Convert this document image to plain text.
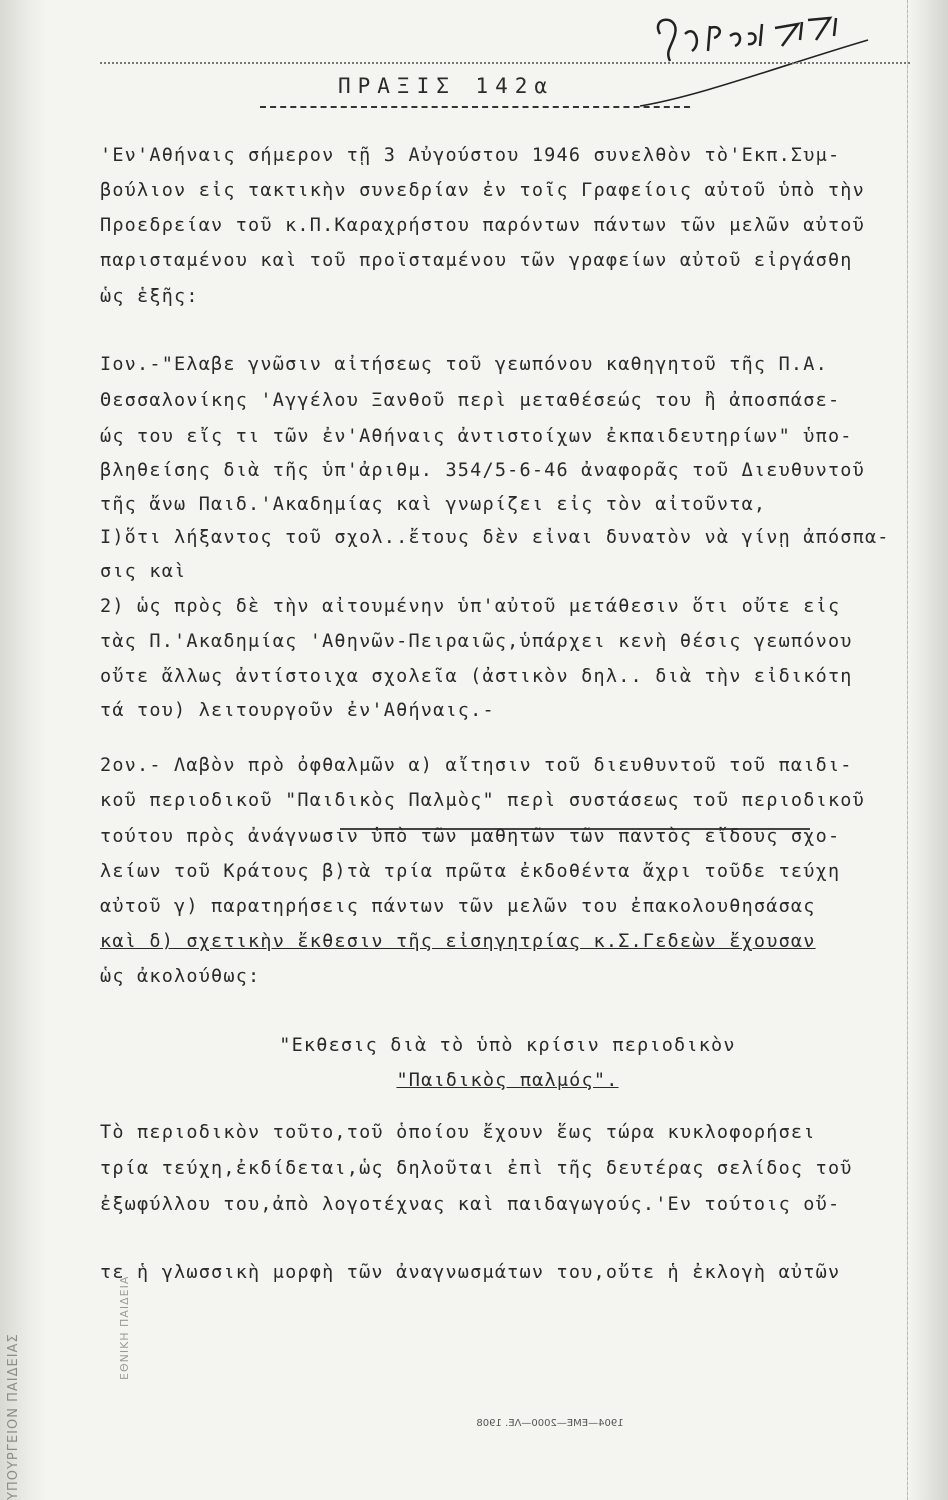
ΥΠΟΥΡΓΕΙΟΝ ΠΑΙΔΕΙΑΣ
ΕΘΝΙΚΗ ΠΑΙΔΕΙΑ
ΠΡΑΞΙΣ 142α
'Εν'Αθήναις σήμερον τῇ 3 Αὐγούστου 1946 συνελθὸν τὸ'Εκπ.Συμ-
βούλιον εἰς τακτικὴν συνεδρίαν ἐν τοῖς Γραφείοις αὐτοῦ ὑπὸ τὴν
Προεδρείαν τοῦ κ.Π.Καραχρήστου παρόντων πάντων τῶν μελῶν αὐτοῦ
παρισταμένου καὶ τοῦ προϊσταμένου τῶν γραφείων αὐτοῦ εἰργάσθη
ὡς ἑξῆς:
Ιον.-"Ελαβε γνῶσιν αἰτήσεως τοῦ γεωπόνου καθηγητοῦ τῆς Π.Α.
Θεσσαλονίκης 'Αγγέλου Ξανθοῦ περὶ μεταθέσεώς του ἢ ἀποσπάσε-
ώς του εἴς τι τῶν ἐν'Αθήναις ἀντιστοίχων ἐκπαιδευτηρίων" ὑπο-
βληθείσης διὰ τῆς ὑπ'ἀριθμ. 354/5-6-46 ἀναφορᾶς τοῦ Διευθυντοῦ
τῆς ἄνω Παιδ.'Ακαδημίας καὶ γνωρίζει εἰς τὸν αἰτοῦντα,
I)ὅτι λήξαντος τοῦ σχολ..ἔτους δὲν εἶναι δυνατὸν νὰ γίνῃ ἀπόσπα-
σις καὶ
2) ὡς πρὸς δὲ τὴν αἰτουμένην ὑπ'αὐτοῦ μετάθεσιν ὅτι οὔτε εἰς
τὰς Π.'Ακαδημίας 'Αθηνῶν-Πειραιῶς,ὑπάρχει κενὴ θέσις γεωπόνου
οὔτε ἄλλως ἀντίστοιχα σχολεῖα (ἀστικὸν δηλ.. διὰ τὴν εἰδικότη
τά του) λειτουργοῦν ἐν'Αθήναις.-
2ον.- Λαβὸν πρὸ ὀφθαλμῶν α) αἴτησιν τοῦ διευθυντοῦ τοῦ παιδι-
κοῦ περιοδικοῦ "Παιδικὸς Παλμὸς" περὶ συστάσεως τοῦ περιοδικοῦ
τούτου πρὸς ἀνάγνωσιν ὑπὸ τῶν μαθητῶν τῶν παντὸς εἴδους σχο-
λείων τοῦ Κράτους β)τὰ τρία πρῶτα ἐκδοθέντα ἄχρι τοῦδε τεύχη
αὐτοῦ γ) παρατηρήσεις πάντων τῶν μελῶν του ἐπακολουθησάσας
καὶ δ) σχετικὴν ἔκθεσιν τῆς εἰσηγητρίας κ.Σ.Γεδεὼν ἔχουσαν
ὡς ἀκολούθως:
"Εκθεσις διὰ τὸ ὑπὸ κρίσιν περιοδικὸν
"Παιδικὸς παλμός".
Τὸ περιοδικὸν τοῦτο,τοῦ ὁποίου ἔχουν ἕως τώρα κυκλοφορήσει
τρία τεύχη,ἐκδίδεται,ὡς δηλοῦται ἐπὶ τῆς δευτέρας σελίδος τοῦ
ἐξωφύλλου του,ἀπὸ λογοτέχνας καὶ παιδαγωγούς.'Εν τούτοις οὔ-
τε ἡ γλωσσικὴ μορφὴ τῶν ἀναγνωσμάτων του,οὔτε ἡ ἐκλογὴ αὐτῶν
1904—ΕΜΕ—2000—ΛΕ. 1908
